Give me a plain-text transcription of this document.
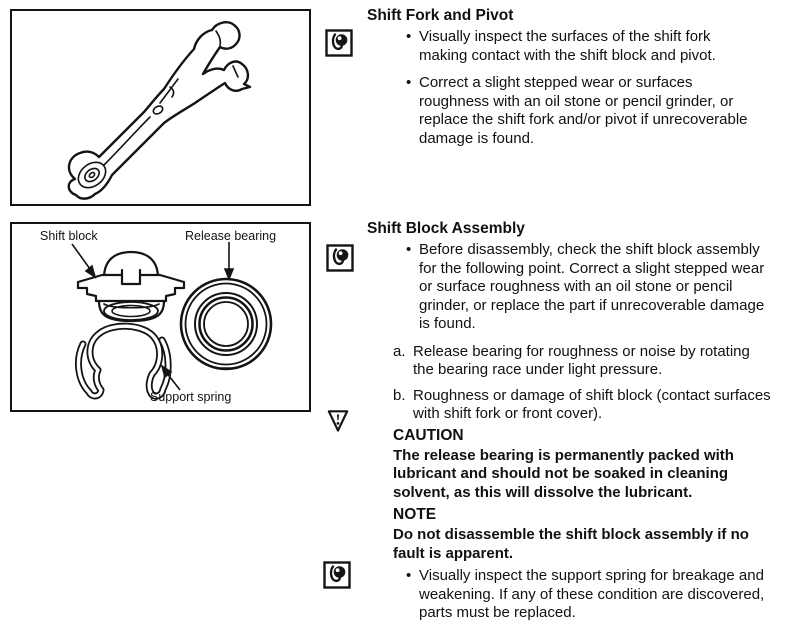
Shift block	Release bearing
Support spring
Shift Fork and Pivot
• Visually inspect the surfaces of the shift fork making contact with the shift block and pivot.
• Correct a slight stepped wear or surfaces roughness with an oil stone or pencil grinder, or replace the shift fork and/or pivot if unrecoverable damage is found.
Shift Block Assembly
• Before disassembly, check the shift block assembly for the following point. Correct a slight stepped wear or surface roughness with an oil stone or pencil grinder, or replace the part if unrecoverable damage is found.
a. Release bearing for roughness or noise by rotating the bearing race under light pressure.
b. Roughness or damage of shift block (contact surfaces with shift fork or front cover).
CAUTION
The release bearing is permanently packed with lubricant and should not be soaked in cleaning solvent, as this will dissolve the lubricant.
NOTE
Do not disassemble the shift block assembly if no fault is apparent.
• Visually inspect the support spring for breakage and weakening. If any of these condition are discovered, parts must be replaced.
